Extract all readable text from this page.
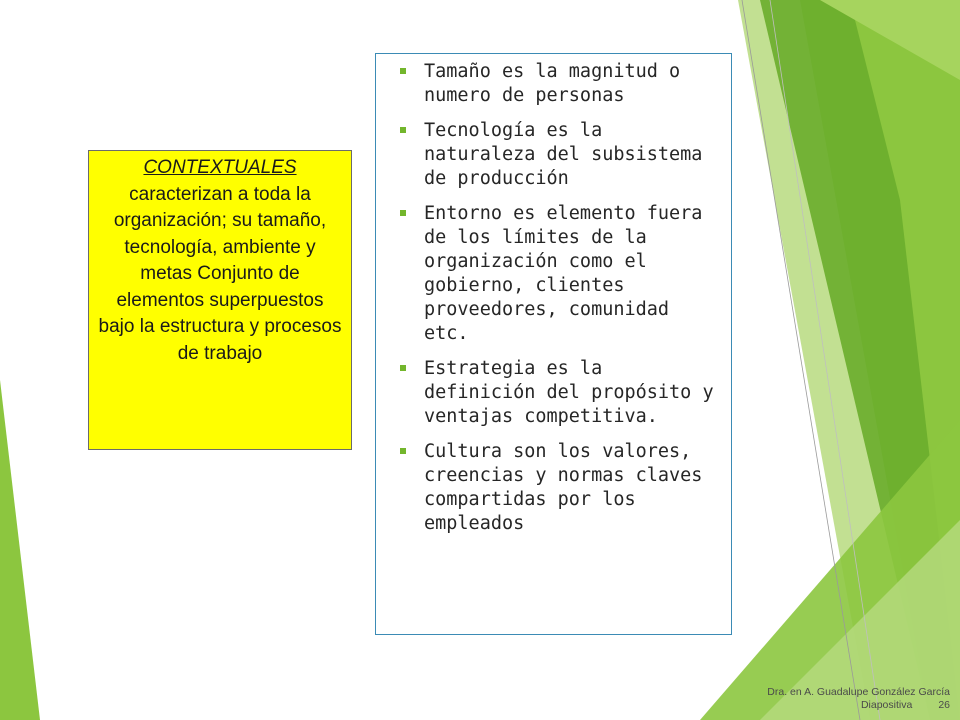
CONTEXTUALES
caracterizan a toda la organización; su tamaño, tecnología, ambiente y metas Conjunto de elementos superpuestos bajo la estructura y procesos de trabajo
Tamaño es la magnitud o numero de personas
Tecnología es la naturaleza del subsistema de producción
Entorno es elemento fuera de los límites de la organización como el gobierno, clientes proveedores, comunidad etc.
Estrategia es la definición del propósito y ventajas competitiva.
Cultura son los valores, creencias y normas claves compartidas por los empleados
Dra. en A. Guadalupe González García
Diapositiva 26
